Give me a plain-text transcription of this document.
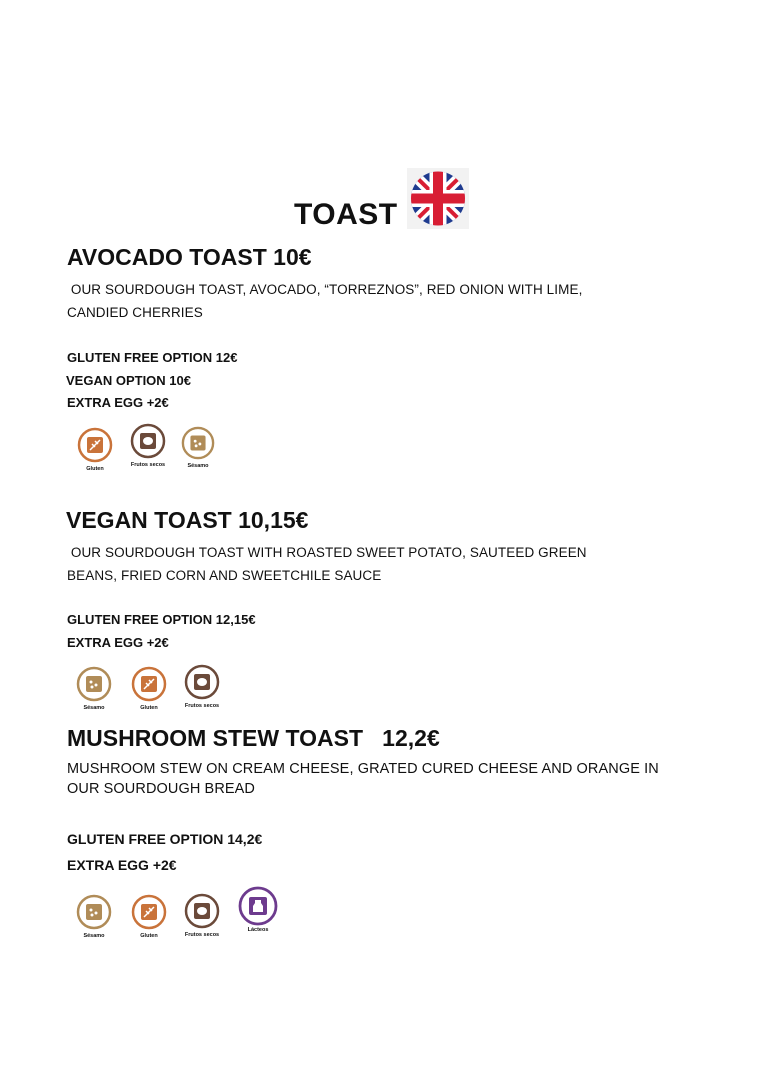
TOAST
AVOCADO TOAST 10€
OUR SOURDOUGH TOAST, AVOCADO, “TORREZNOS”, RED ONION WITH LIME,
CANDIED CHERRIES
GLUTEN FREE OPTION 12€
VEGAN OPTION 10€
EXTRA EGG +2€
Gluten
Frutos secos	Sésamo
VEGAN TOAST 10,15€
OUR SOURDOUGH TOAST WITH ROASTED SWEET POTATO, SAUTEED GREEN
BEANS, FRIED CORN AND SWEETCHILE SAUCE
GLUTEN FREE OPTION 12,15€
EXTRA EGG +2€
Sésamo	Gluten	Frutos secos
MUSHROOM STEW TOAST   12,2€
MUSHROOM STEW ON CREAM CHEESE, GRATED CURED CHEESE AND ORANGE IN
OUR SOURDOUGH BREAD
GLUTEN FREE OPTION 14,2€
EXTRA EGG +2€
Sésamo	Gluten	Frutos secos
Lácteos
